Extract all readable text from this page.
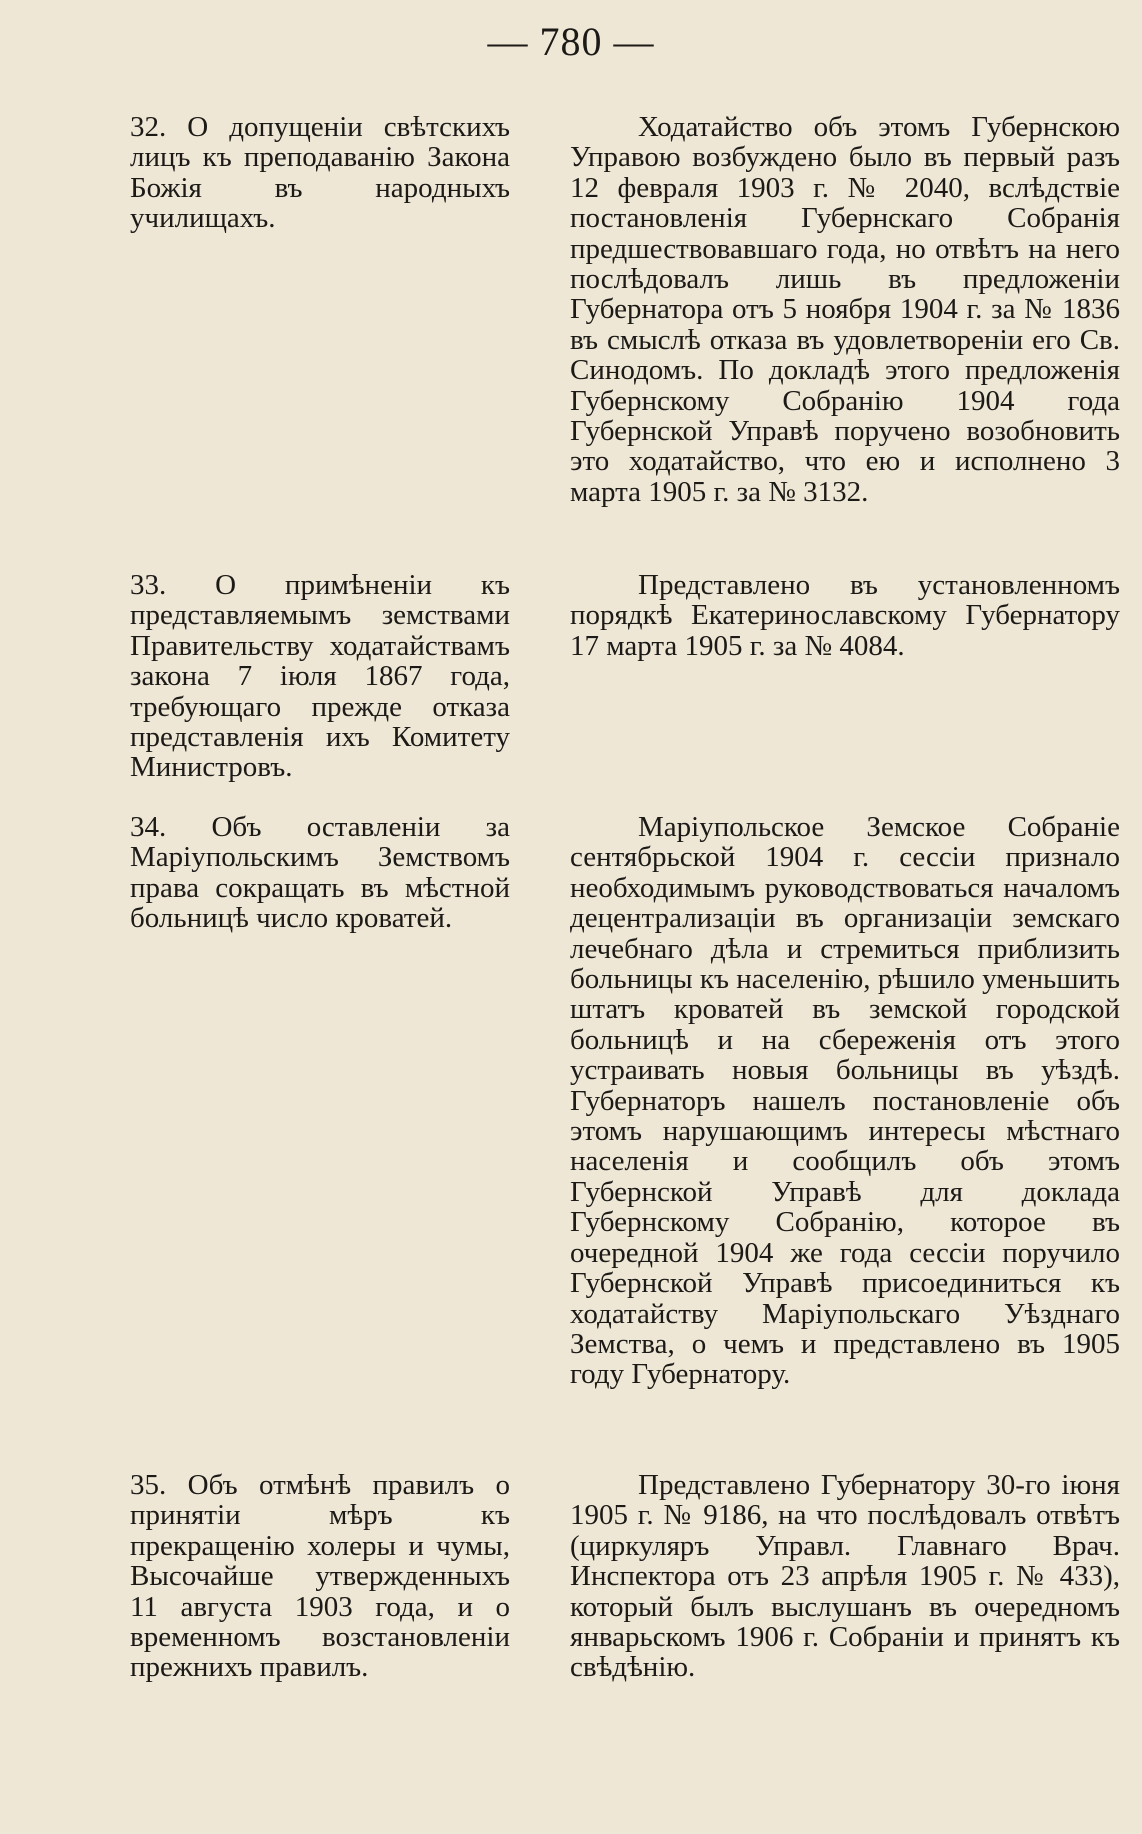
— 780 —

32. О допущеніи свѣтскихъ лицъ къ преподаванію Закона Божія въ народныхъ училищахъ.

Ходатайство объ этомъ Губернскою Управою возбуждено было въ первый разъ 12 февраля 1903 г. № 2040, вслѣдствіе постановленія Губернскаго Собранія предшествовавшаго года, но отвѣтъ на него послѣдовалъ лишь въ предложеніи Губернатора отъ 5 ноября 1904 г. за № 1836 въ смыслѣ отказа въ удовлетвореніи его Св. Синодомъ. По докладѣ этого предложенія Губернскому Собранію 1904 года Губернской Управѣ поручено возобновить это ходатайство, что ею и исполнено 3 марта 1905 г. за № 3132.

33. О примѣненіи къ представляемымъ земствами Правительству ходатайствамъ закона 7 іюля 1867 года, требующаго прежде отказа представленія ихъ Комитету Министровъ.

Представлено въ установленномъ порядкѣ Екатеринославскому Губернатору 17 марта 1905 г. за № 4084.

34. Объ оставленіи за Маріупольскимъ Земствомъ права сокращать въ мѣстной больницѣ число кроватей.

Маріупольское Земское Собраніе сентябрьской 1904 г. сессіи признало необходимымъ руководствоваться началомъ децентрализаціи въ организаціи земскаго лечебнаго дѣла и стремиться приблизить больницы къ населенію, рѣшило уменьшить штатъ кроватей въ земской городской больницѣ и на сбереженія отъ этого устраивать новыя больницы въ уѣздѣ. Губернаторъ нашелъ постановленіе объ этомъ нарушающимъ интересы мѣстнаго населенія и сообщилъ объ этомъ Губернской Управѣ для доклада Губернскому Собранію, которое въ очередной 1904 же года сессіи поручило Губернской Управѣ присоединиться къ ходатайству Маріупольскаго Уѣзднаго Земства, о чемъ и представлено въ 1905 году Губернатору.

35. Объ отмѣнѣ правилъ о принятіи мѣръ къ прекращенію холеры и чумы, Высочайше утвержденныхъ 11 августа 1903 года, и о временномъ возстановленіи прежнихъ правилъ.

Представлено Губернатору 30-го іюня 1905 г. № 9186, на что послѣдовалъ отвѣтъ (циркуляръ Управл. Главнаго Врач. Инспектора отъ 23 апрѣля 1905 г. № 433), который былъ выслушанъ въ очередномъ январьскомъ 1906 г. Собраніи и принятъ къ свѣдѣнію.
